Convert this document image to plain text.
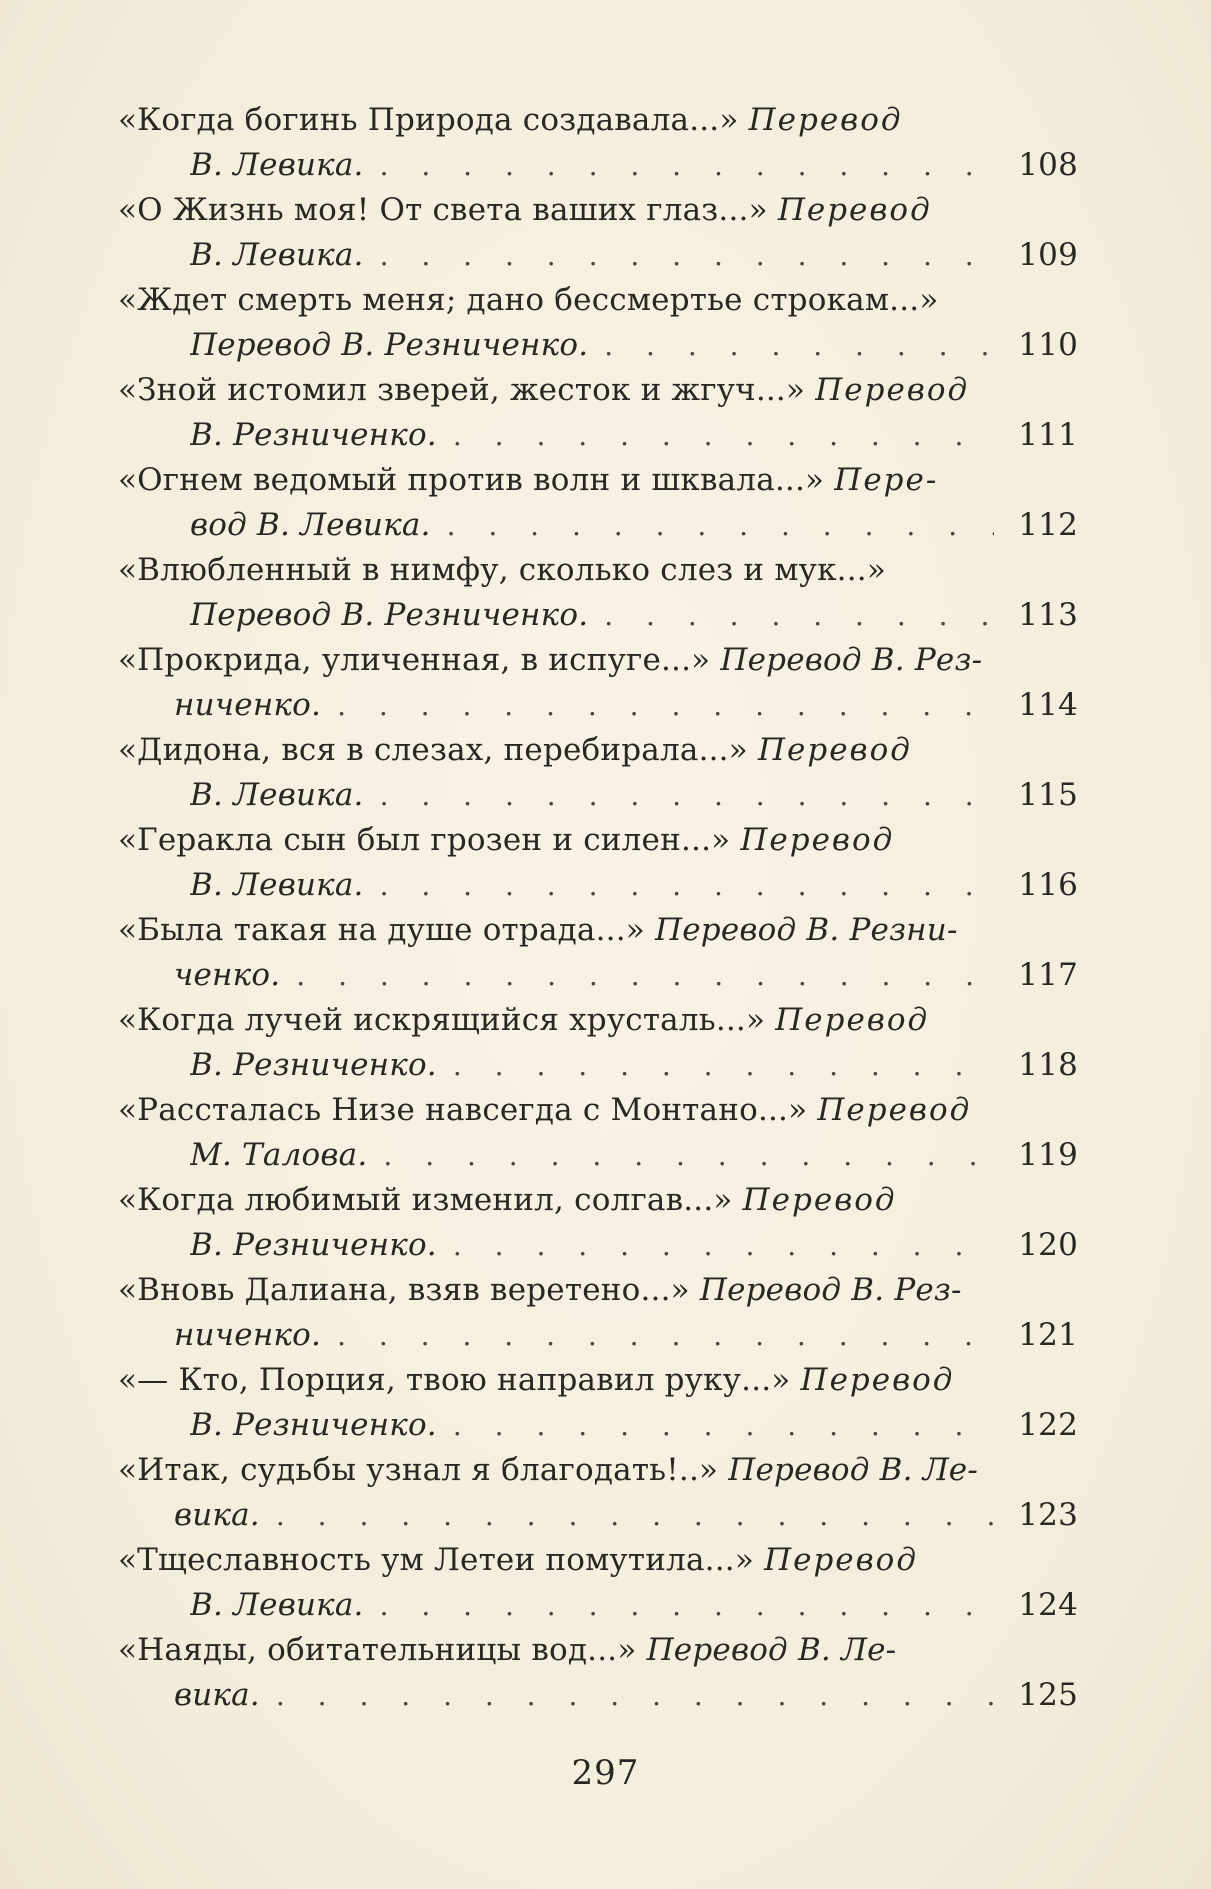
«Когда богинь Природа создавала...» Перевод
В. Левика. . . .	108
«О Жизнь моя! От света ваших глаз...» Перевод
В. Левика. . . .	109
«Ждет смерть меня; дано бессмертье строкам...»
Перевод В. Резниченко. . . .	110
«Зной истомил зверей, жесток и жгуч...» Перевод
В. Резниченко. . . .	111
«Огнем ведомый против волн и шквала...» Пере-
вод В. Левика. . . .	112
«Влюбленный в нимфу, сколько слез и мук...»
Перевод В. Резниченко. . . .	113
«Прокрида, уличенная, в испуге...» Перевод В. Рез-
ниченко. . . .	114
«Дидона, вся в слезах, перебирала...» Перевод
В. Левика. . . .	115
«Геракла сын был грозен и силен...» Перевод
В. Левика. . . .	116
«Была такая на душе отрада...» Перевод В. Резни-
ченко. . . .	117
«Когда лучей искрящийся хрусталь...» Перевод
В. Резниченко. . . .	118
«Рассталась Низе навсегда с Монтано...» Перевод
М. Талова. . . .	119
«Когда любимый изменил, солгав...» Перевод
В. Резниченко. . . .	120
«Вновь Далиана, взяв веретено...» Перевод В. Рез-
ниченко. . . .	121
«— Кто, Порция, твою направил руку...» Перевод
В. Резниченко. . . .	122
«Итак, судьбы узнал я благодать!..» Перевод В. Ле-
вика. . . .	123
«Тщеславность ум Летеи помутила...» Перевод
В. Левика. . . .	124
«Наяды, обитательницы вод...» Перевод В. Ле-
вика. . . .	125
297
